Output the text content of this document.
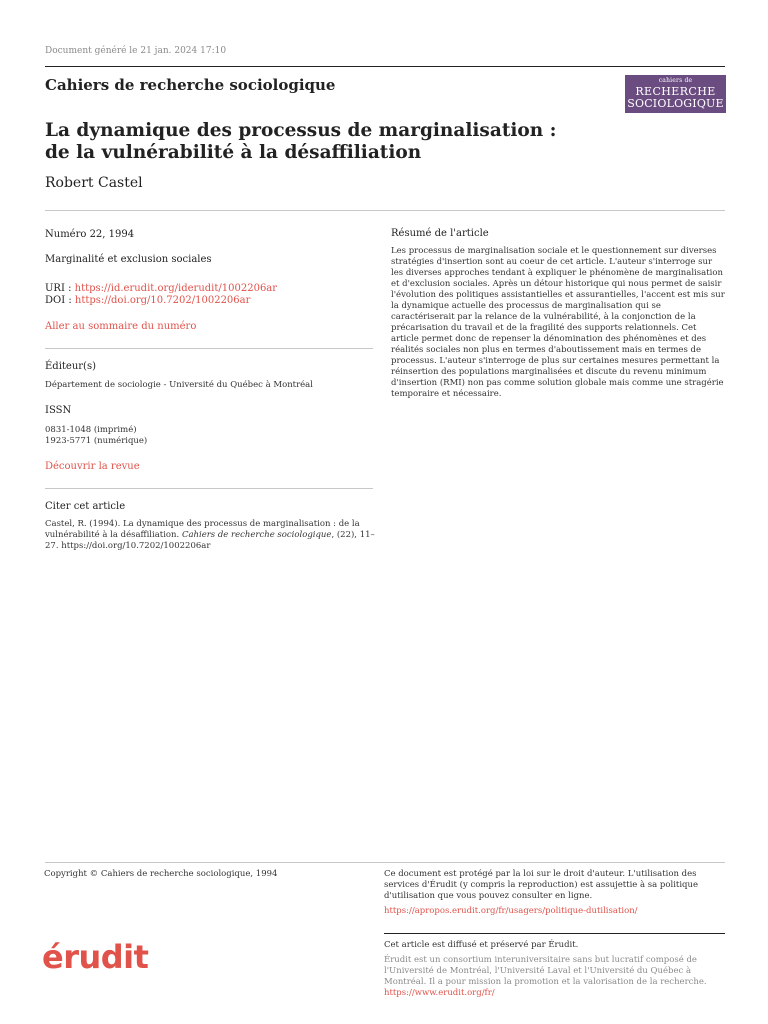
Document généré le 21 jan. 2024 17:10
Cahiers de recherche sociologique	cahiers de
RECHERCHE
SOCIOLOGIQUE
La dynamique des processus de marginalisation : de la vulnérabilité à la désaffiliation
Robert Castel
Numéro 22, 1994
Marginalité et exclusion sociales
URI : https://id.erudit.org/iderudit/1002206ar
DOI : https://doi.org/10.7202/1002206ar
Aller au sommaire du numéro
Éditeur(s)
Département de sociologie - Université du Québec à Montréal
ISSN
0831-1048 (imprimé)
1923-5771 (numérique)
Découvrir la revue
Citer cet article
Castel, R. (1994). La dynamique des processus de marginalisation : de la vulnérabilité à la désaffiliation. Cahiers de recherche sociologique, (22), 11–27. https://doi.org/10.7202/1002206ar
Résumé de l'article
Les processus de marginalisation sociale et le questionnement sur diverses stratégies d'insertion sont au coeur de cet article. L'auteur s'interroge sur les diverses approches tendant à expliquer le phénomène de marginalisation et d'exclusion sociales. Après un détour historique qui nous permet de saisir l'évolution des politiques assistantielles et assurantielles, l'accent est mis sur la dynamique actuelle des processus de marginalisation qui se caractériserait par la relance de la vulnérabilité, à la conjonction de la précarisation du travail et de la fragilité des supports relationnels. Cet article permet donc de repenser la dénomination des phénomènes et des réalités sociales non plus en termes d'aboutissement mais en termes de processus. L'auteur s'interroge de plus sur certaines mesures permettant la réinsertion des populations marginalisées et discute du revenu minimum d'insertion (RMI) non pas comme solution globale mais comme une stragérie temporaire et nécessaire.
Copyright © Cahiers de recherche sociologique, 1994	Ce document est protégé par la loi sur le droit d'auteur. L'utilisation des services d'Érudit (y compris la reproduction) est assujettie à sa politique d'utilisation que vous pouvez consulter en ligne.
https://apropos.erudit.org/fr/usagers/politique-dutilisation/
érudit	Cet article est diffusé et préservé par Érudit.
Érudit est un consortium interuniversitaire sans but lucratif composé de l'Université de Montréal, l'Université Laval et l'Université du Québec à Montréal. Il a pour mission la promotion et la valorisation de la recherche.
https://www.erudit.org/fr/
